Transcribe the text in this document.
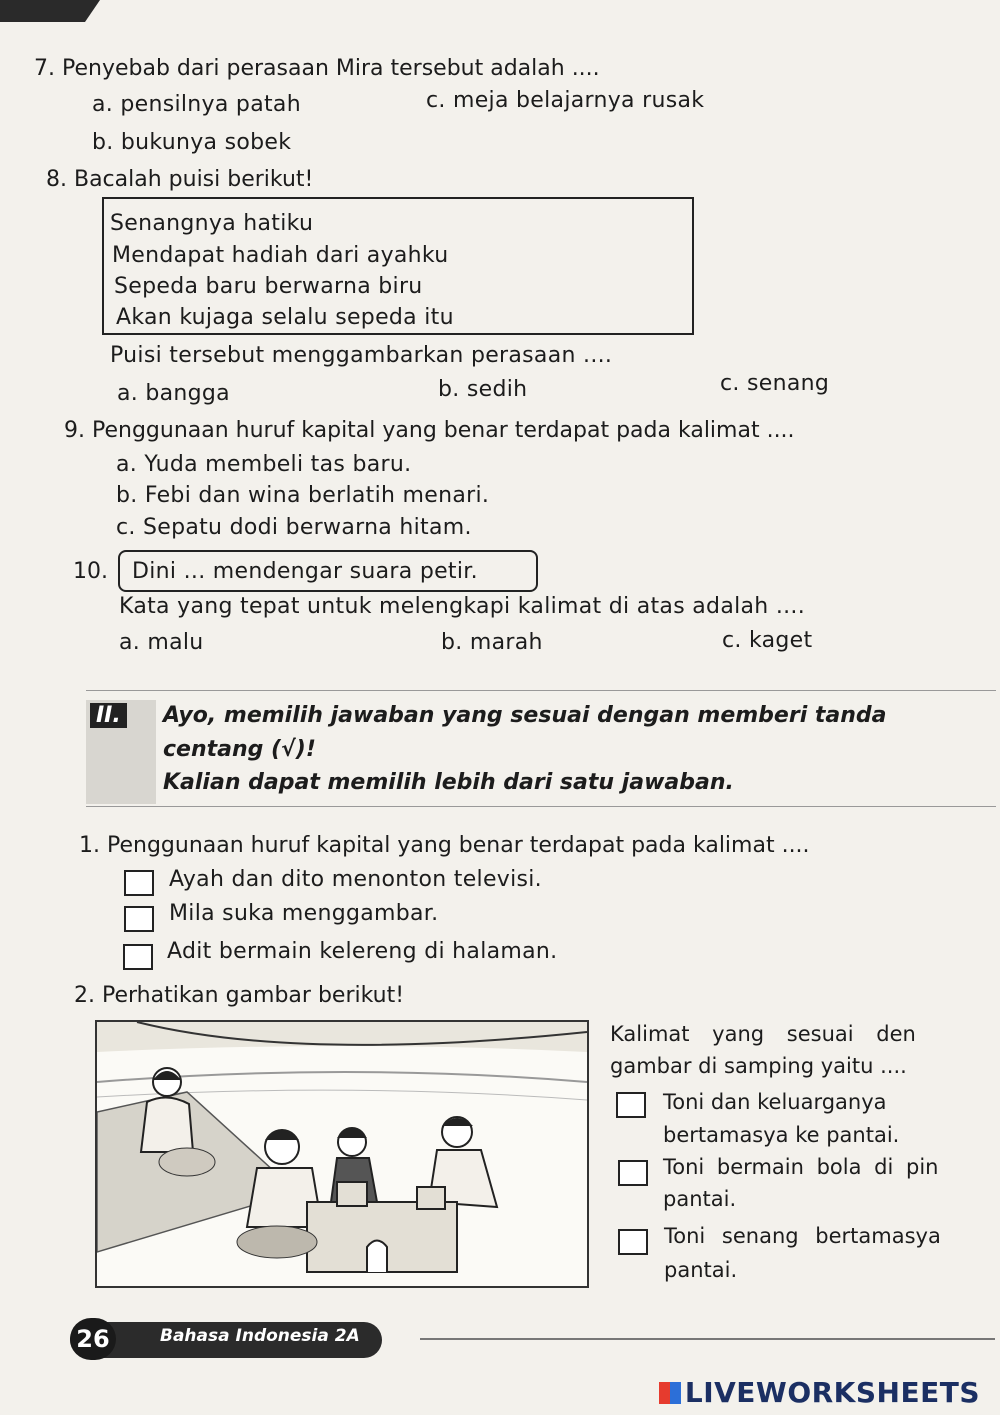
7. Penyebab dari perasaan Mira tersebut adalah ....
a. pensilnya patah	c. meja belajarnya rusak
b. bukunya sobek
8. Bacalah puisi berikut!
Senangnya hatiku
Mendapat hadiah dari ayahku
Sepeda baru berwarna biru
Akan kujaga selalu sepeda itu
Puisi tersebut menggambarkan perasaan ....
a. bangga	b. sedih	c. senang
9. Penggunaan huruf kapital yang benar terdapat pada kalimat ....
a. Yuda membeli tas baru.
b. Febi dan wina berlatih menari.
c. Sepatu dodi berwarna hitam.
10. Dini ... mendengar suara petir.
Kata yang tepat untuk melengkapi kalimat di atas adalah ....
a. malu	b. marah	c. kaget
II. Ayo, memilih jawaban yang sesuai dengan memberi tanda
centang (√)!
Kalian dapat memilih lebih dari satu jawaban.
1. Penggunaan huruf kapital yang benar terdapat pada kalimat ....
Ayah dan dito menonton televisi.
Mila suka menggambar.
Adit bermain kelereng di halaman.
2. Perhatikan gambar berikut!
Kalimat yang sesuai den
gambar di samping yaitu ....
Toni dan keluarganya
bertamasya ke pantai.
Toni bermain bola di pin
pantai.
Toni senang bertamasya
pantai.
26	Bahasa Indonesia 2A
LIVEWORKSHEETS
